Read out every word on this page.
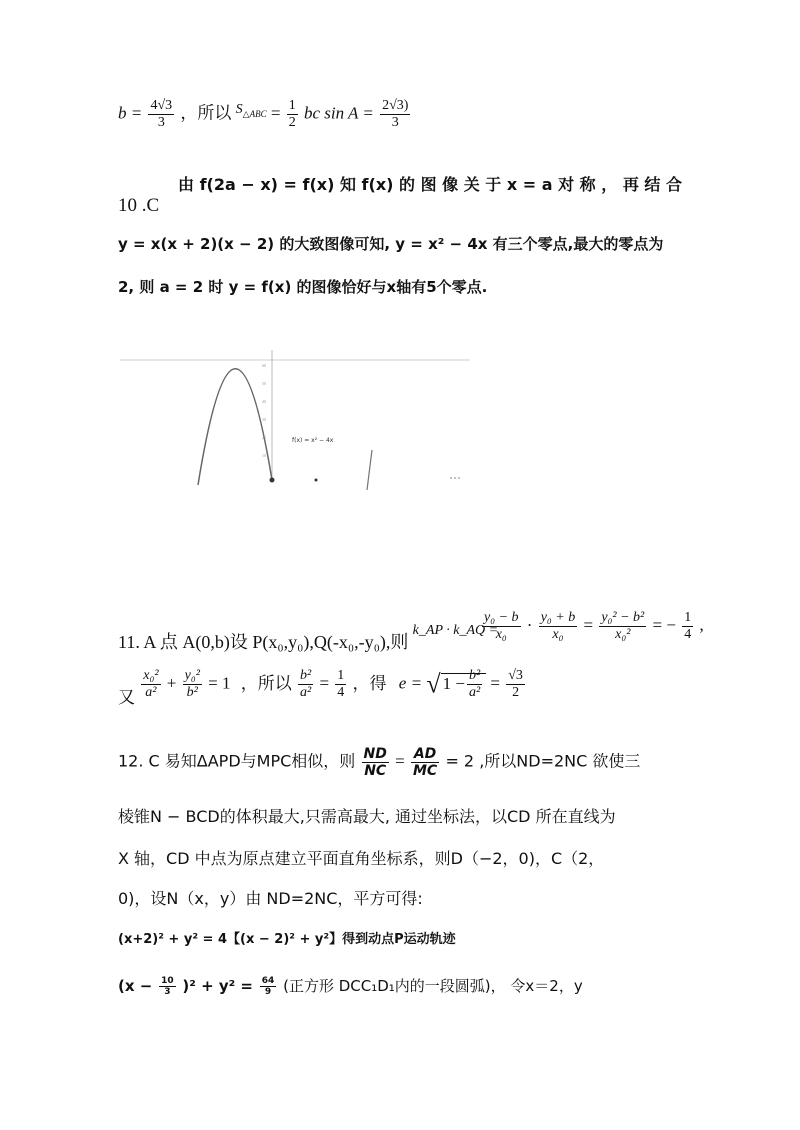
$b = \frac{4√3}{3}$ ，所以 $^{S_{\triangle ABC}} = \frac{1}{2}$ bc $\sin A = \frac{2√3)}{3}$
10 .C
由 f(2a − x) = f(x) 知 f(x) 的 图 像 关 于 x = a 对 称 ， 再 结 合
y = x(x + 2)(x − 2) 的大致图像可知, y = x² − 4x 有三个零点,最大的零点为
2, 则 a = 2 时 y = f(x) 的图像恰好与x轴有5个零点.
f(x) = x² − 4x
60
50
40
30
20
10
11. A 点 A(0,b)设 P(x₀,y₀),Q(-x₀,-y₀),则 $^{k\_AP \cdot k\_AQ =}$
$\frac{\text{y₀ − b}}{\text{x₀}} \cdot \frac{\text{y₀ + b}}{\text{x₀}} = \frac{\text{y₀² − b²}}{\text{x₀²}}$ = − $\frac{1}{4}$ ,
又 $\frac{\text{x₀²}}{\text{a²}} + \frac{\text{y₀²}}{\text{b²}} = 1$ ，所以 $\frac{\text{b²}}{\text{a²}} = \frac{1}{4}$ ，得 e = √ $1 - \frac{\text{b²}}{\text{a²}} = \frac{√3}{2}$
12. C 易知ΔAPD与MPC相似，则 $\frac{ND}{NC} = \frac{AD}{MC} = 2$ ,所以ND=2NC 欲使三
棱锥N − BCD的体积最大,只需高最大, 通过坐标法，以CD 所在直线为
X 轴，CD 中点为原点建立平面直角坐标系，则D（−2，0)，C（2，
0)，设N（x，y）由 ND=2NC，平方可得:
(x+2)² + y² = 4【(x − 2)² + y²】得到动点P运动轨迹
$(x - \frac{10}{3} )^2 + y^2 = \frac{64}{9}$ (正方形 DCC₁D₁内的一段圆弧)， 令x＝2，y
